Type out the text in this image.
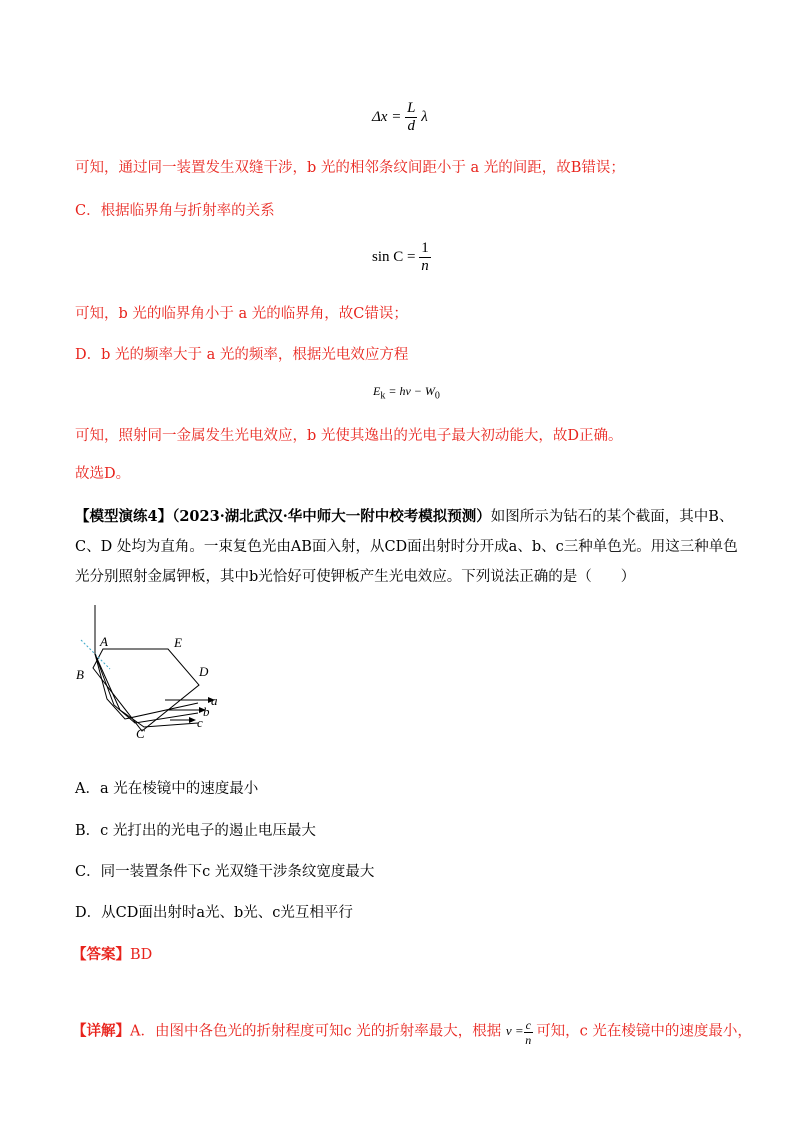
$\Delta x = \frac{L}{d}$ λ
可知，通过同一装置发生双缝干涉，b 光的相邻条纹间距小于 a 光的间距，故B错误；
C．根据临界角与折射率的关系
$\sin C = \frac{1}{n}$
可知，b 光的临界角小于 a 光的临界角，故C错误；
D．b 光的频率大于 a 光的频率，根据光电效应方程
$E_k = h\nu - W_0$
可知，照射同一金属发生光电效应，b 光使其逸出的光电子最大初动能大，故D正确。
故选D。
【模型演练4】（2023·湖北武汉·华中师大一附中校考模拟预测）如图所示为钻石的某个截面，其中B、
C、D 处均为直角。一束复色光由AB面入射，从CD面出射时分开成a、b、c三种单色光。用这三种单色
光分别照射金属钾板，其中b光恰好可使钾板产生光电效应。下列说法正确的是（　　）
A	E
B	D
a
b
c
C
A．a 光在棱镜中的速度最小
B．c 光打出的光电子的遏止电压最大
C．同一装置条件下c 光双缝干涉条纹宽度最大
D．从CD面出射时a光、b光、c光互相平行
【答案】BD
【详解】A．由图中各色光的折射程度可知c 光的折射率最大，根据 $v = \frac{c}{n}$ 可知，c 光在棱镜中的速度最小，
